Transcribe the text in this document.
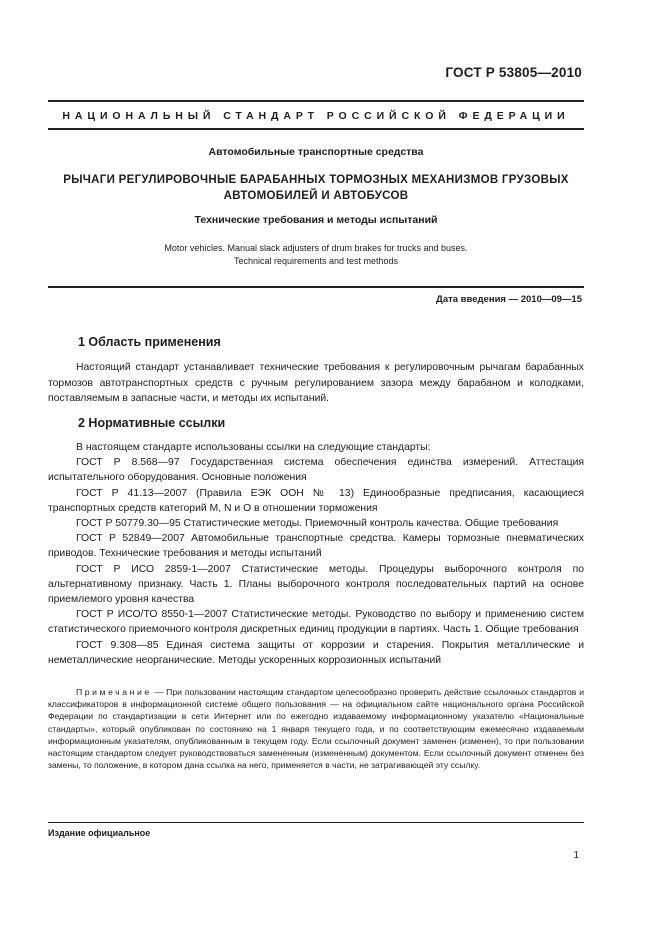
ГОСТ Р 53805—2010
НАЦИОНАЛЬНЫЙ СТАНДАРТ РОССИЙСКОЙ ФЕДЕРАЦИИ
Автомобильные транспортные средства
РЫЧАГИ РЕГУЛИРОВОЧНЫЕ БАРАБАННЫХ ТОРМОЗНЫХ МЕХАНИЗМОВ ГРУЗОВЫХ
АВТОМОБИЛЕЙ И АВТОБУСОВ
Технические требования и методы испытаний
Motor vehicles. Manual slack adjusters of drum brakes for trucks and buses.
Technical requirements and test methods
Дата введения — 2010—09—15
1 Область применения

Настоящий стандарт устанавливает технические требования к регулировочным рычагам барабанных тормозов автотранспортных средств с ручным регулированием зазора между барабаном и колодками, поставляемым в запасные части, и методы их испытаний.

2 Нормативные ссылки

В настоящем стандарте использованы ссылки на следующие стандарты:

ГОСТ Р 8.568—97 Государственная система обеспечения единства измерений. Аттестация испытательного оборудования. Основные положения

ГОСТ Р 41.13—2007 (Правила ЕЭК ООН № 13) Единообразные предписания, касающиеся транспортных средств категорий M, N и O в отношении торможения

ГОСТ Р 50779.30—95 Статистические методы. Приемочный контроль качества. Общие требования

ГОСТ Р 52849—2007 Автомобильные транспортные средства. Камеры тормозные пневматических приводов. Технические требования и методы испытаний

ГОСТ Р ИСО 2859-1—2007 Статистические методы. Процедуры выборочного контроля по альтернативному признаку. Часть 1. Планы выборочного контроля последовательных партий на основе приемлемого уровня качества

ГОСТ Р ИСО/ТО 8550-1—2007 Статистические методы. Руководство по выбору и применению систем статистического приемочного контроля дискретных единиц продукции в партиях. Часть 1. Общие требования

ГОСТ 9.308—85 Единая система защиты от коррозии и старения. Покрытия металлические и неметаллические неорганические. Методы ускоренных коррозионных испытаний

Примечание — При пользовании настоящим стандартом целесообразно проверить действие ссылочных стандартов и классификаторов в информационной системе общего пользования — на официальном сайте национального органа Российской Федерации по стандартизации в сети Интернет или по ежегодно издаваемому информационному указателю «Национальные стандарты», который опубликован по состоянию на 1 января текущего года, и по соответствующим ежемесячно издаваемым информационным указателям, опубликованным в текущем году. Если ссылочный документ заменен (изменен), то при пользовании настоящим стандартом следует руководствоваться замененным (измененным) документом. Если ссылочный документ отменен без замены, то положение, в котором дана ссылка на него, применяется в части, не затрагивающей эту ссылку.
Издание официальное
1
